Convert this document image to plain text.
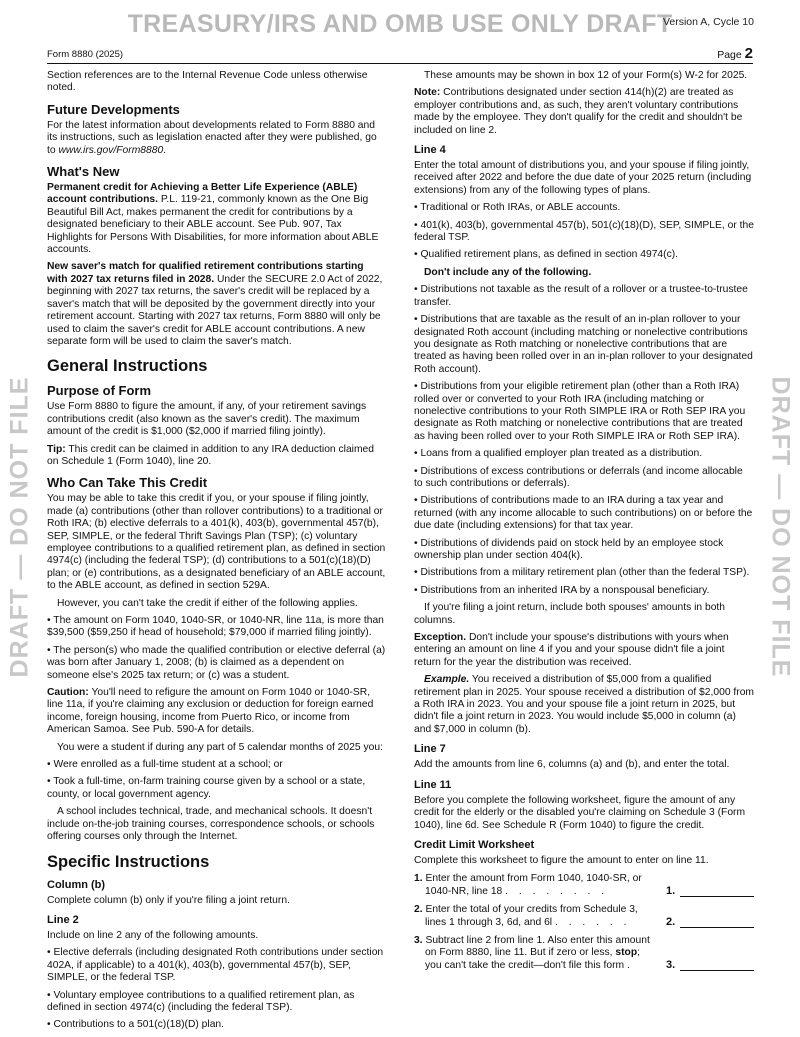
TREASURY/IRS AND OMB USE ONLY DRAFT
Version A, Cycle 10
Form 8880 (2025)	Page 2
DRAFT — DO NOT FILE	DRAFT — DO NOT FILE

Section references are to the Internal Revenue Code unless otherwise noted.

Future Developments

For the latest information about developments related to Form 8880 and its instructions, such as legislation enacted after they were published, go to www.irs.gov/Form8880.

What's New

Permanent credit for Achieving a Better Life Experience (ABLE) account contributions. P.L. 119-21, commonly known as the One Big Beautiful Bill Act, makes permanent the credit for contributions by a designated beneficiary to their ABLE account. See Pub. 907, Tax Highlights for Persons With Disabilities, for more information about ABLE accounts.

New saver's match for qualified retirement contributions starting with 2027 tax returns filed in 2028. Under the SECURE 2.0 Act of 2022, beginning with 2027 tax returns, the saver's credit will be replaced by a saver's match that will be deposited by the government directly into your retirement account. Starting with 2027 tax returns, Form 8880 will only be used to claim the saver's credit for ABLE account contributions. A new separate form will be used to claim the saver's match.

General Instructions
Purpose of Form

Use Form 8880 to figure the amount, if any, of your retirement savings contributions credit (also known as the saver's credit). The maximum amount of the credit is $1,000 ($2,000 if married filing jointly).

Tip: This credit can be claimed in addition to any IRA deduction claimed on Schedule 1 (Form 1040), line 20.

Who Can Take This Credit

You may be able to take this credit if you, or your spouse if filing jointly, made (a) contributions (other than rollover contributions) to a traditional or Roth IRA; (b) elective deferrals to a 401(k), 403(b), governmental 457(b), SEP, SIMPLE, or the federal Thrift Savings Plan (TSP); (c) voluntary employee contributions to a qualified retirement plan, as defined in section 4974(c) (including the federal TSP); (d) contributions to a 501(c)(18)(D) plan; or (e) contributions, as a designated beneficiary of an ABLE account, to the ABLE account, as defined in section 529A.

However, you can't take the credit if either of the following applies.

• The amount on Form 1040, 1040-SR, or 1040-NR, line 11a, is more than $39,500 ($59,250 if head of household; $79,000 if married filing jointly).

• The person(s) who made the qualified contribution or elective deferral (a) was born after January 1, 2008; (b) is claimed as a dependent on someone else's 2025 tax return; or (c) was a student.

Caution: You'll need to refigure the amount on Form 1040 or 1040-SR, line 11a, if you're claiming any exclusion or deduction for foreign earned income, foreign housing, income from Puerto Rico, or income from American Samoa. See Pub. 590-A for details.

You were a student if during any part of 5 calendar months of 2025 you:

• Were enrolled as a full-time student at a school; or

• Took a full-time, on-farm training course given by a school or a state, county, or local government agency.

A school includes technical, trade, and mechanical schools. It doesn't include on-the-job training courses, correspondence schools, or schools offering courses only through the Internet.

Specific Instructions
Column (b)

Complete column (b) only if you're filing a joint return.

Line 2

Include on line 2 any of the following amounts.

• Elective deferrals (including designated Roth contributions under section 402A, if applicable) to a 401(k), 403(b), governmental 457(b), SEP, SIMPLE, or the federal TSP.

• Voluntary employee contributions to a qualified retirement plan, as defined in section 4974(c) (including the federal TSP).

• Contributions to a 501(c)(18)(D) plan.

These amounts may be shown in box 12 of your Form(s) W-2 for 2025.

Note: Contributions designated under section 414(h)(2) are treated as employer contributions and, as such, they aren't voluntary contributions made by the employee. They don't qualify for the credit and shouldn't be included on line 2.

Line 4

Enter the total amount of distributions you, and your spouse if filing jointly, received after 2022 and before the due date of your 2025 return (including extensions) from any of the following types of plans.

• Traditional or Roth IRAs, or ABLE accounts.

• 401(k), 403(b), governmental 457(b), 501(c)(18)(D), SEP, SIMPLE, or the federal TSP.

• Qualified retirement plans, as defined in section 4974(c).

Don't include any of the following.

• Distributions not taxable as the result of a rollover or a trustee-to-trustee transfer.

• Distributions that are taxable as the result of an in-plan rollover to your designated Roth account (including matching or nonelective contributions you designate as Roth matching or nonelective contributions that are treated as having been rolled over in an in-plan rollover to your designated Roth account).

• Distributions from your eligible retirement plan (other than a Roth IRA) rolled over or converted to your Roth IRA (including matching or nonelective contributions to your Roth SIMPLE IRA or Roth SEP IRA you designate as Roth matching or nonelective contributions that are treated as having been rolled over to your Roth SIMPLE IRA or Roth SEP IRA).

• Loans from a qualified employer plan treated as a distribution.

• Distributions of excess contributions or deferrals (and income allocable to such contributions or deferrals).

• Distributions of contributions made to an IRA during a tax year and returned (with any income allocable to such contributions) on or before the due date (including extensions) for that tax year.

• Distributions of dividends paid on stock held by an employee stock ownership plan under section 404(k).

• Distributions from a military retirement plan (other than the federal TSP).

• Distributions from an inherited IRA by a nonspousal beneficiary.

If you're filing a joint return, include both spouses' amounts in both columns.

Exception. Don't include your spouse's distributions with yours when entering an amount on line 4 if you and your spouse didn't file a joint return for the year the distribution was received.

Example. You received a distribution of $5,000 from a qualified retirement plan in 2025. Your spouse received a distribution of $2,000 from a Roth IRA in 2023. You and your spouse file a joint return in 2025, but didn't file a joint return in 2023. You would include $5,000 in column (a) and $7,000 in column (b).

Line 7

Add the amounts from line 6, columns (a) and (b), and enter the total.

Line 11

Before you complete the following worksheet, figure the amount of any credit for the elderly or the disabled you're claiming on Schedule 3 (Form 1040), line 6d. See Schedule R (Form 1040) to figure the credit.

Credit Limit Worksheet

Complete this worksheet to figure the amount to enter on line 11.

1. Enter the amount from Form 1040, 1040-SR, or 1040-NR, line 18 . . . . . . . .	1.
2. Enter the total of your credits from Schedule 3, lines 1 through 3, 6d, and 6l . . . . . .	2.
3. Subtract line 2 from line 1. Also enter this amount on Form 8880, line 11. But if zero or less, stop; you can't take the credit—don't file this form .	3.
